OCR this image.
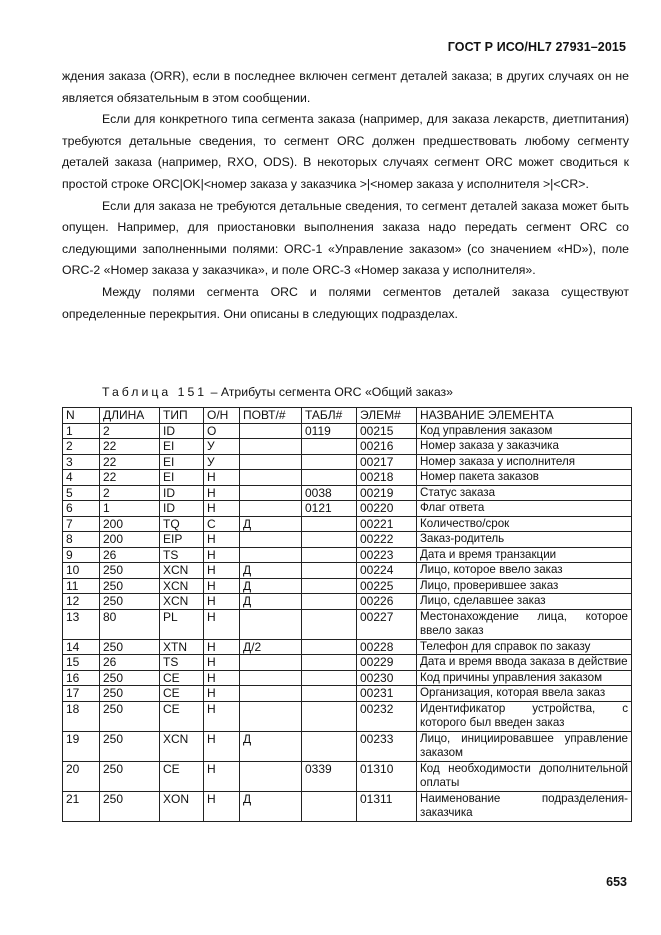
ГОСТ Р ИСО/HL7 27931–2015

ждения заказа (ORR), если в последнее включен сегмент деталей заказа; в других случаях он не является обязательным в этом сообщении.

Если для конкретного типа сегмента заказа (например, для заказа лекарств, диетпитания) требуются детальные сведения, то сегмент ORC должен предшествовать любому сегменту деталей заказа (например, RXO, ODS). В некоторых случаях сегмент ORC может сводиться к простой строке ORC|OK|<номер заказа у заказчика >|<номер заказа у исполнителя >|<CR>.

Если для заказа не требуются детальные сведения, то сегмент деталей заказа может быть опущен. Например, для приостановки выполнения заказа надо передать сегмент ORC со следующими заполненными полями: ORC-1 «Управление заказом» (со значением «HD»), поле ORC-2 «Номер заказа у заказчика», и поле ORC-3 «Номер заказа у исполнителя».

Между полями сегмента ORC и полями сегментов деталей заказа существуют определенные перекрытия. Они описаны в следующих подразделах.

Таблица 151 – Атрибуты сегмента ORC «Общий заказ»
N	ДЛИНА	ТИП	О/Н	ПОВТ/#	ТАБЛ#	ЭЛЕМ#	НАЗВАНИЕ ЭЛЕМЕНТА
1	2	ID	О		0119	00215	Код управления заказом
2	22	EI	У			00216	Номер заказа у заказчика
3	22	EI	У			00217	Номер заказа у исполнителя
4	22	EI	Н			00218	Номер пакета заказов
5	2	ID	Н		0038	00219	Статус заказа
6	1	ID	Н		0121	00220	Флаг ответа
7	200	TQ	С	Д		00221	Количество/срок
8	200	EIP	Н			00222	Заказ-родитель
9	26	TS	Н			00223	Дата и время транзакции
10	250	XCN	Н	Д		00224	Лицо, которое ввело заказ
11	250	XCN	Н	Д		00225	Лицо, проверившее заказ
12	250	XCN	Н	Д		00226	Лицо, сделавшее заказ
13	80	PL	Н			00227	Местонахождение лица, которое ввело заказ
14	250	XTN	Н	Д/2		00228	Телефон для справок по заказу
15	26	TS	Н			00229	Дата и время ввода заказа в действие
16	250	CE	Н			00230	Код причины управления заказом
17	250	CE	Н			00231	Организация, которая ввела заказ
18	250	CE	Н			00232	Идентификатор устройства, с которого был введен заказ
19	250	XCN	Н	Д		00233	Лицо, инициировавшее управление заказом
20	250	CE	Н		0339	01310	Код необходимости дополнительной оплаты
21	250	XON	Н	Д		01311	Наименование подразделения-заказчика
653
